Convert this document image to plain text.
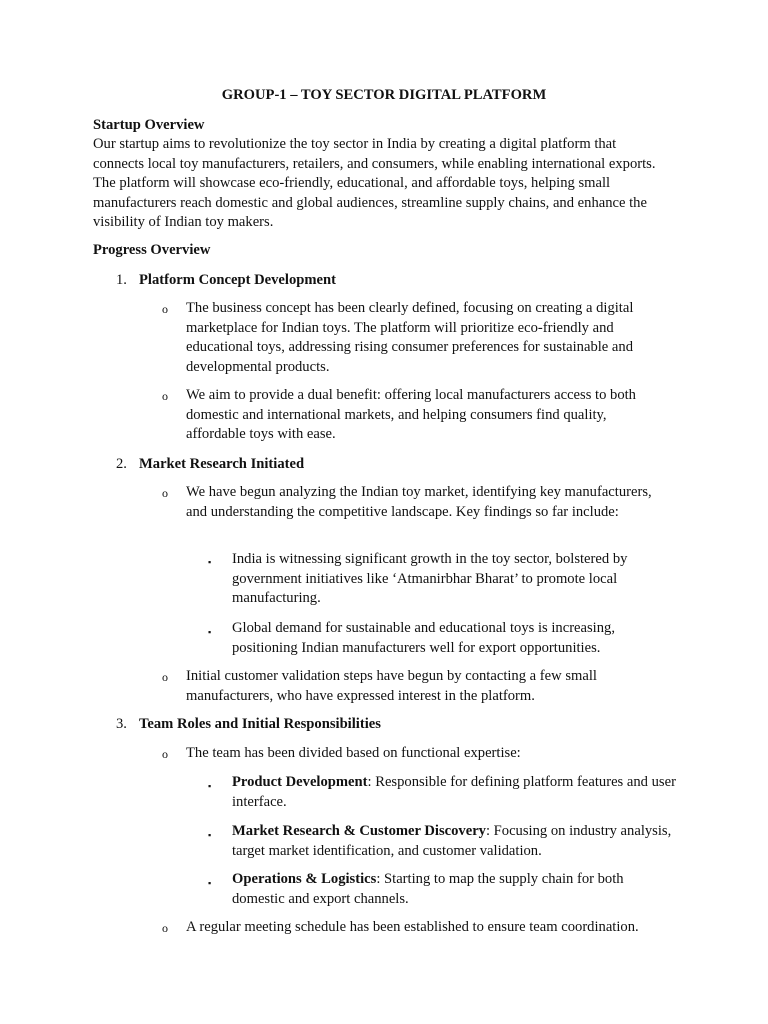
GROUP-1 – TOY SECTOR DIGITAL PLATFORM

Startup Overview

Our startup aims to revolutionize the toy sector in India by creating a digital platform that connects local toy manufacturers, retailers, and consumers, while enabling international exports. The platform will showcase eco-friendly, educational, and affordable toys, helping small manufacturers reach domestic and global audiences, streamline supply chains, and enhance the visibility of Indian toy makers.

Progress Overview

1. Platform Concept Development

o The business concept has been clearly defined, focusing on creating a digital marketplace for Indian toys. The platform will prioritize eco-friendly and educational toys, addressing rising consumer preferences for sustainable and developmental products.

o We aim to provide a dual benefit: offering local manufacturers access to both domestic and international markets, and helping consumers find quality, affordable toys with ease.

2. Market Research Initiated

o We have begun analyzing the Indian toy market, identifying key manufacturers, and understanding the competitive landscape. Key findings so far include:

▪ India is witnessing significant growth in the toy sector, bolstered by government initiatives like ‘Atmanirbhar Bharat’ to promote local manufacturing.

▪ Global demand for sustainable and educational toys is increasing, positioning Indian manufacturers well for export opportunities.

o Initial customer validation steps have begun by contacting a few small manufacturers, who have expressed interest in the platform.

3. Team Roles and Initial Responsibilities

o The team has been divided based on functional expertise:

▪ Product Development: Responsible for defining platform features and user interface.

▪ Market Research & Customer Discovery: Focusing on industry analysis, target market identification, and customer validation.

▪ Operations & Logistics: Starting to map the supply chain for both domestic and export channels.

o A regular meeting schedule has been established to ensure team coordination.
